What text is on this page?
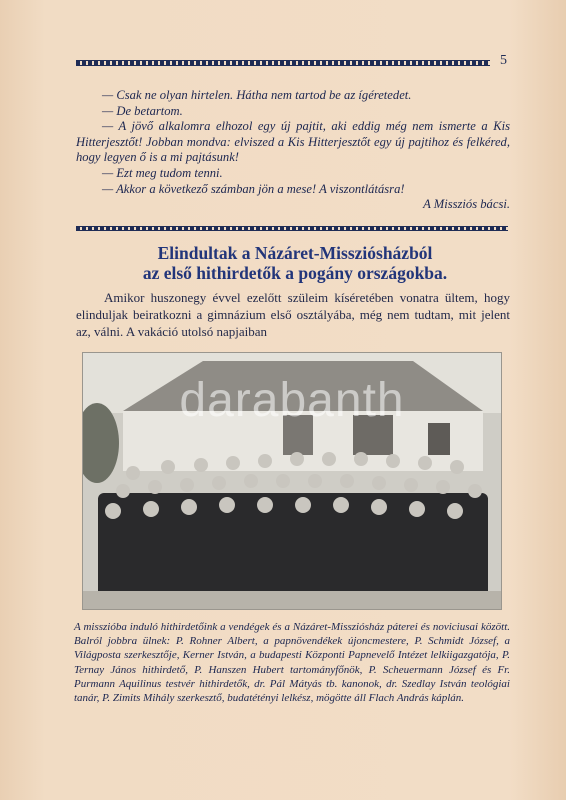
5

— Csak ne olyan hirtelen. Hátha nem tartod be az ígéretedet.

— De betartom.

— A jövő alkalomra elhozol egy új pajtit, aki eddig még nem ismerte a Kis Hitterjesztőt! Jobban mondva: elviszed a Kis Hitterjesztőt egy új pajtihoz és felkéred, hogy legyen ő is a mi pajtásunk!

— Ezt meg tudom tenni.

— Akkor a következő számban jön a mese! A viszontlátásra!

A Missziós bácsi.

Elindultak a Názáret-Missziósházból
az első hithirdetők a pogány országokba.
Amikor huszonegy évvel ezelőtt szüleim kíséretében vonatra ültem, hogy elinduljak beiratkozni a gimnázium első osztályába, még nem tudtam, mit jelent az, válni. A vakáció utolsó napjaiban
darabanth
A misszióba induló hithirdetőink a vendégek és a Názáret-Missziósház páterei és noviciusai között. Balról jobbra ülnek: P. Rohner Albert, a papnövendékek újoncmestere, P. Schmidt József, a Világposta szerkesztője, Kerner István, a budapesti Központi Papnevelő Intézet lelkiigazgatója, P. Ternay János hithirdető, P. Hanszen Hubert tartományfőnök, P. Scheuermann József és Fr. Purmann Aquilinus testvér hithirdetők, dr. Pál Mátyás tb. kanonok, dr. Szedlay István teológiai tanár, P. Zimits Mihály szerkesztő, budatétényi lelkész, mögötte áll Flach András káplán.
